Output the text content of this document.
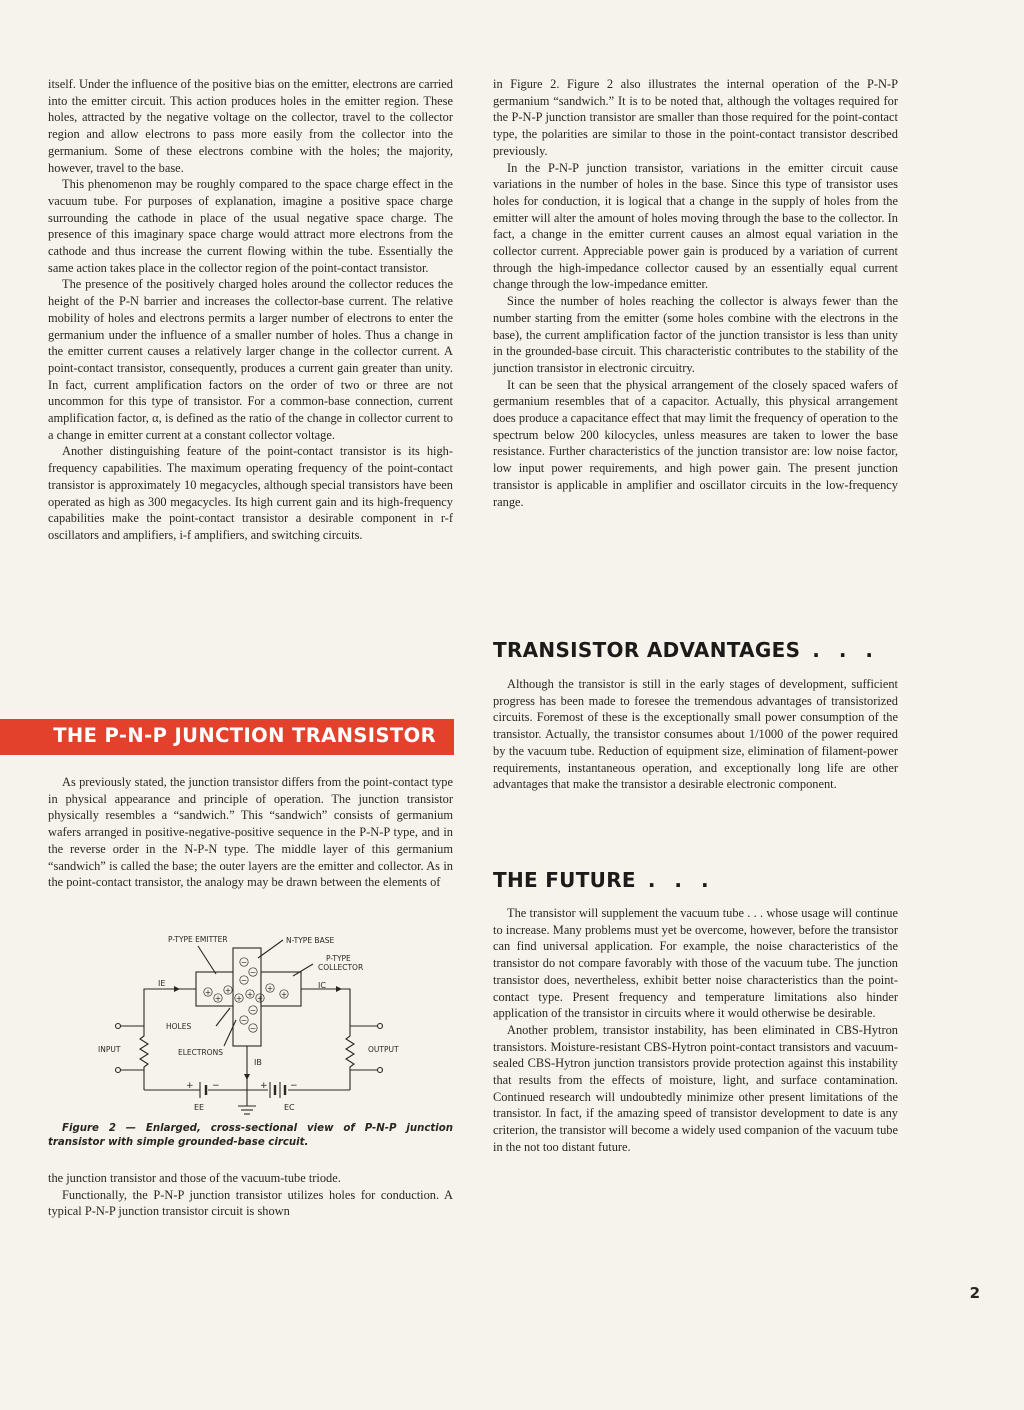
itself. Under the influence of the positive bias on the emitter, electrons are carried into the emitter circuit. This action produces holes in the emitter region. These holes, attracted by the negative voltage on the collector, travel to the collector region and allow electrons to pass more easily from the collector into the germanium. Some of these electrons combine with the holes; the majority, however, travel to the base.

This phenomenon may be roughly compared to the space charge effect in the vacuum tube. For purposes of explanation, imagine a positive space charge surrounding the cathode in place of the usual negative space charge. The presence of this imaginary space charge would attract more electrons from the cathode and thus increase the current flowing within the tube. Essentially the same action takes place in the collector region of the point-contact transistor.

The presence of the positively charged holes around the collector reduces the height of the P-N barrier and increases the collector-base current. The relative mobility of holes and electrons permits a larger number of electrons to enter the germanium under the influence of a smaller number of holes. Thus a change in the emitter current causes a relatively larger change in the collector current. A point-contact transistor, consequently, produces a current gain greater than unity. In fact, current amplification factors on the order of two or three are not uncommon for this type of transistor. For a common-base connection, current amplification factor, α, is defined as the ratio of the change in collector current to a change in emitter current at a constant collector voltage.

Another distinguishing feature of the point-contact transistor is its high-frequency capabilities. The maximum operating frequency of the point-contact transistor is approximately 10 megacycles, although special transistors have been operated as high as 300 megacycles. Its high current gain and its high-frequency capabilities make the point-contact transistor a desirable component in r-f oscillators and amplifiers, i-f amplifiers, and switching circuits.

THE P-N-P JUNCTION TRANSISTOR

As previously stated, the junction transistor differs from the point-contact type in physical appearance and principle of operation. The junction transistor physically resembles a “sandwich.” This “sandwich” consists of germanium wafers arranged in positive-negative-positive sequence in the P-N-P type, and in the reverse order in the N-P-N type. The middle layer of this germanium “sandwich” is called the base; the outer layers are the emitter and collector. As in the point-contact transistor, the analogy may be drawn between the elements of

+
+
+
+ +
+
+
+
−
−
−
−
−
−
P-TYPE EMITTER	N-TYPE BASE
P-TYPE
COLLECTOR
IE	IC
IB
HOLES
ELECTRONS
INPUT	OUTPUT
EE	EC
+ −	+ −

Figure 2 — Enlarged, cross-sectional view of P-N-P junction transistor with simple grounded-base circuit.

the junction transistor and those of the vacuum-tube triode.

Functionally, the P-N-P junction transistor utilizes holes for conduction. A typical P-N-P junction transistor circuit is shown

in Figure 2. Figure 2 also illustrates the internal operation of the P-N-P germanium “sandwich.” It is to be noted that, although the voltages required for the P-N-P junction transistor are smaller than those required for the point-contact type, the polarities are similar to those in the point-contact transistor described previously.

In the P-N-P junction transistor, variations in the emitter circuit cause variations in the number of holes in the base. Since this type of transistor uses holes for conduction, it is logical that a change in the supply of holes from the emitter will alter the amount of holes moving through the base to the collector. In fact, a change in the emitter current causes an almost equal variation in the collector current. Appreciable power gain is produced by a variation of current through the high-impedance collector caused by an essentially equal current change through the low-impedance emitter.

Since the number of holes reaching the collector is always fewer than the number starting from the emitter (some holes combine with the electrons in the base), the current amplification factor of the junction transistor is less than unity in the grounded-base circuit. This characteristic contributes to the stability of the junction transistor in electronic circuitry.

It can be seen that the physical arrangement of the closely spaced wafers of germanium resembles that of a capacitor. Actually, this physical arrangement does produce a capacitance effect that may limit the frequency of operation to the spectrum below 200 kilocycles, unless measures are taken to lower the base resistance. Further characteristics of the junction transistor are: low noise factor, low input power requirements, and high power gain. The present junction transistor is applicable in amplifier and oscillator circuits in the low-frequency range.

TRANSISTOR ADVANTAGES . . .

Although the transistor is still in the early stages of development, sufficient progress has been made to foresee the tremendous advantages of transistorized circuits. Foremost of these is the exceptionally small power consumption of the transistor. Actually, the transistor consumes about 1/1000 of the power required by the vacuum tube. Reduction of equipment size, elimination of filament-power requirements, instantaneous operation, and exceptionally long life are other advantages that make the transistor a desirable electronic component.

THE FUTURE . . .

The transistor will supplement the vacuum tube . . . whose usage will continue to increase. Many problems must yet be overcome, however, before the transistor can find universal application. For example, the noise characteristics of the transistor do not compare favorably with those of the vacuum tube. The junction transistor does, nevertheless, exhibit better noise characteristics than the point-contact type. Present frequency and temperature limitations also hinder application of the transistor in circuits where it would otherwise be desirable.

Another problem, transistor instability, has been eliminated in CBS-Hytron transistors. Moisture-resistant CBS-Hytron point-contact transistors and vacuum-sealed CBS-Hytron junction transistors provide protection against this instability that results from the effects of moisture, light, and surface contamination. Continued research will undoubtedly minimize other present limitations of the transistor. In fact, if the amazing speed of transistor development to date is any criterion, the transistor will become a widely used companion of the vacuum tube in the not too distant future.

2
